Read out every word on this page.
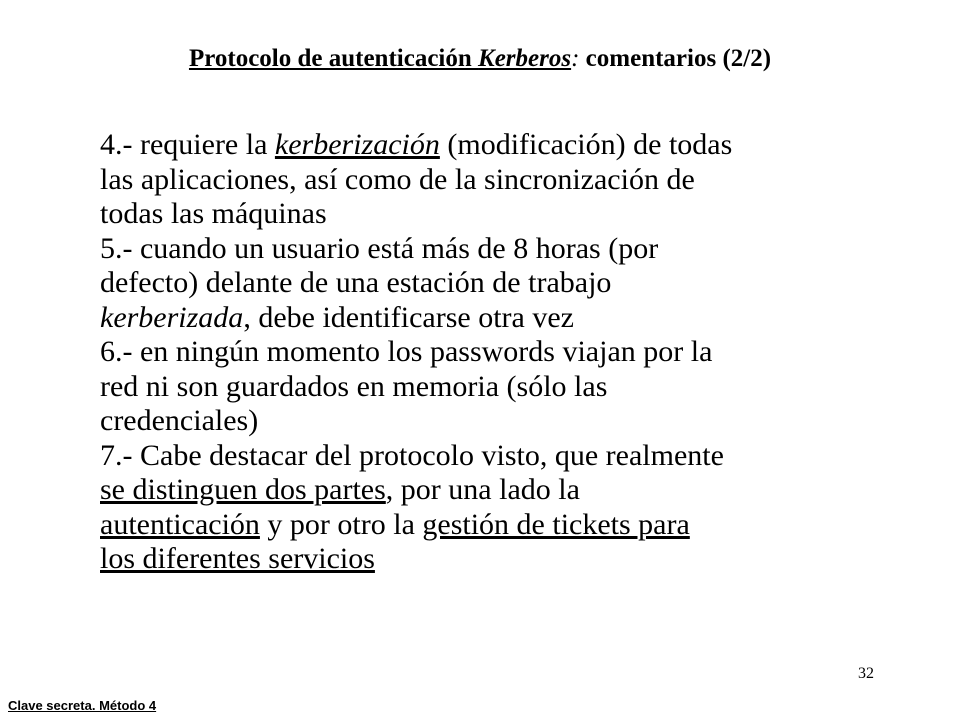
Protocolo de autenticación Kerberos: comentarios (2/2)
4.- requiere la kerberización (modificación) de todas
las aplicaciones, así como de la sincronización de
todas las máquinas
5.- cuando un usuario está más de 8 horas (por
defecto) delante de una estación de trabajo
kerberizada, debe identificarse otra vez
6.- en ningún momento los passwords viajan por la
red ni son guardados en memoria (sólo las
credenciales)
7.- Cabe destacar del protocolo visto, que realmente
se distinguen dos partes, por una lado la
autenticación y por otro la gestión de tickets para
los diferentes servicios
32
Clave secreta. Método 4
